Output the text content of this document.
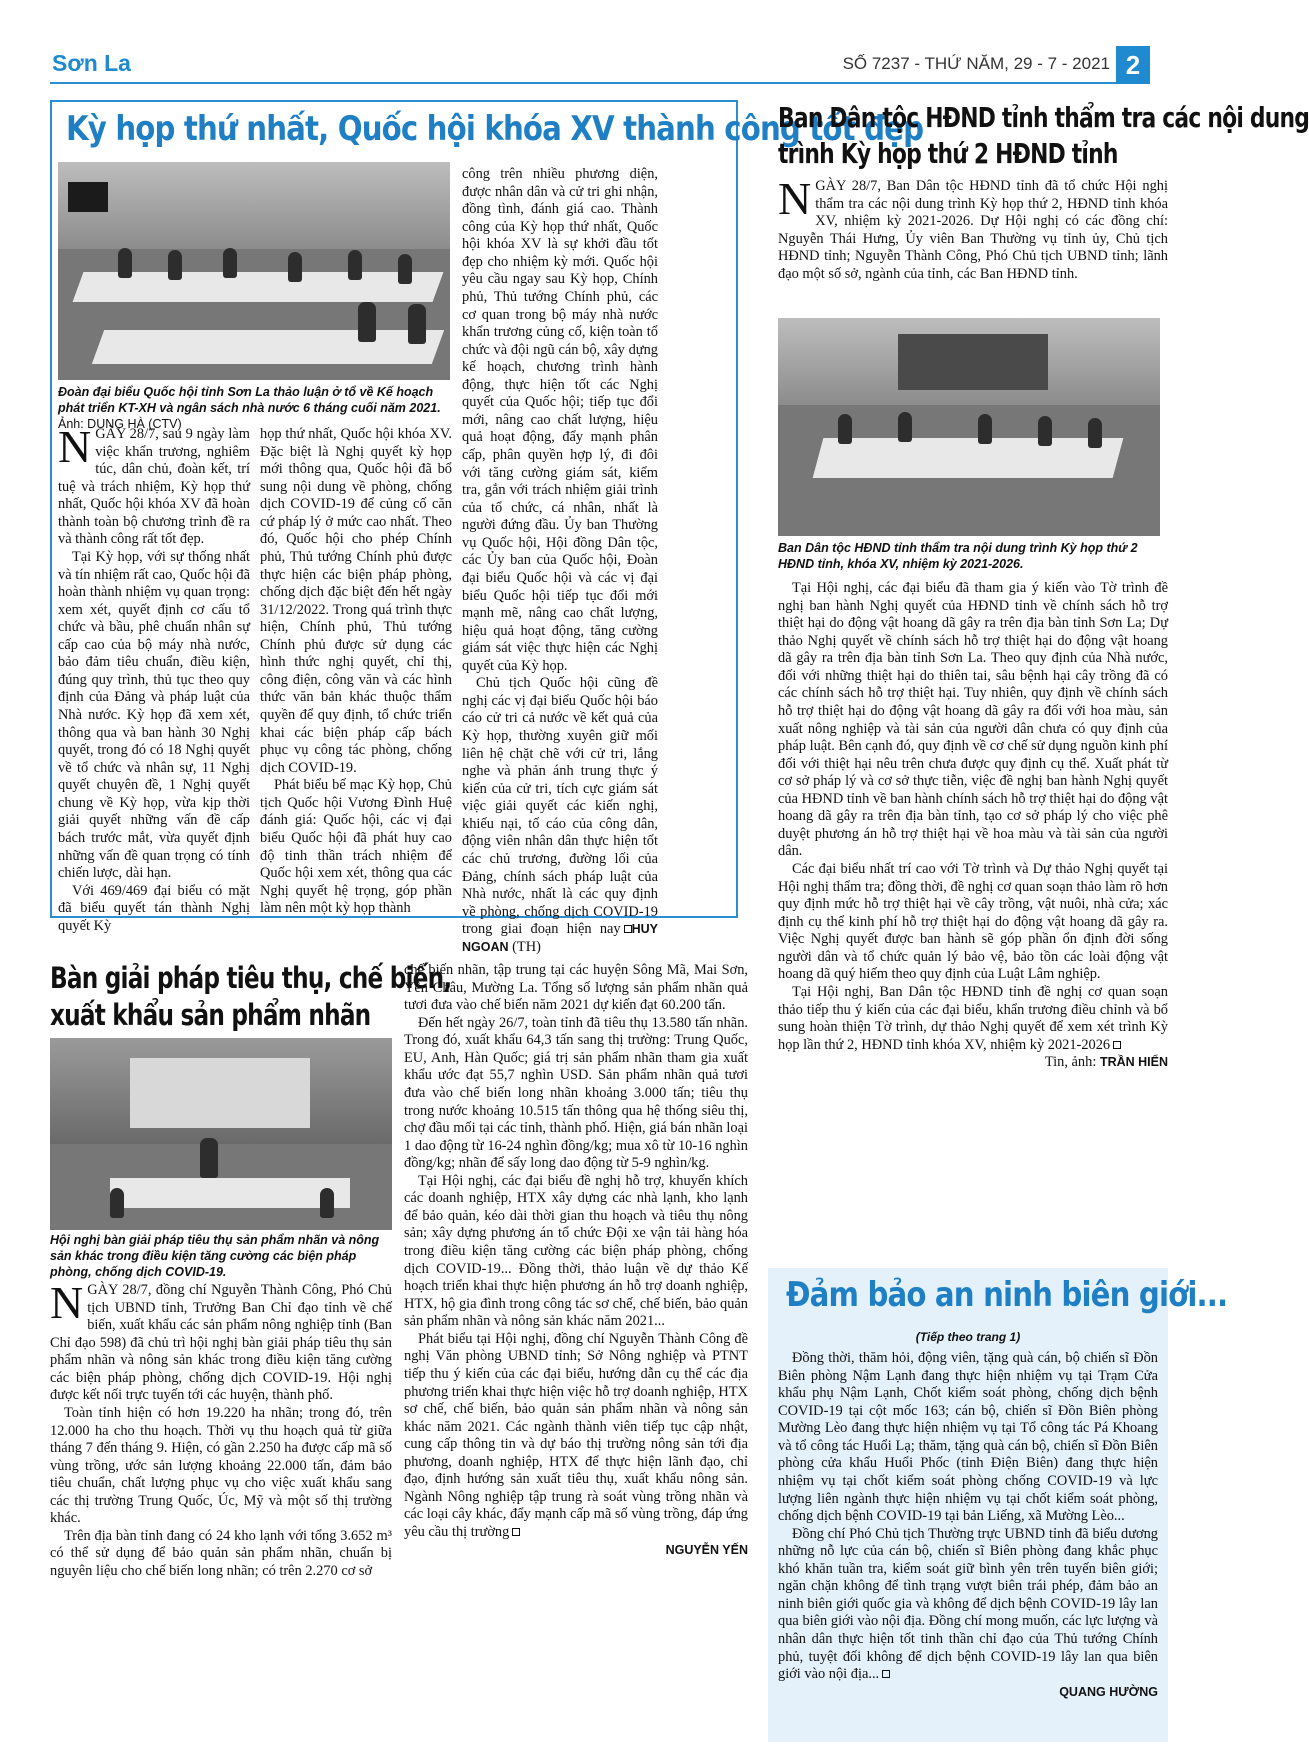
Sơn La	SỐ 7237 - THỨ NĂM, 29 - 7 - 2021 2
Kỳ họp thứ nhất, Quốc hội khóa XV thành công tốt đẹp
Đoàn đại biểu Quốc hội tỉnh Sơn La thảo luận ở tổ về Kế hoạch phát triển KT-XH và ngân sách nhà nước 6 tháng cuối năm 2021. Ảnh: DUNG HÀ (CTV)

NGÀY 28/7, sau 9 ngày làm việc khẩn trương, nghiêm túc, dân chủ, đoàn kết, trí tuệ và trách nhiệm, Kỳ họp thứ nhất, Quốc hội khóa XV đã hoàn thành toàn bộ chương trình đề ra và thành công rất tốt đẹp.

Tại Kỳ họp, với sự thống nhất và tín nhiệm rất cao, Quốc hội đã hoàn thành nhiệm vụ quan trọng: xem xét, quyết định cơ cấu tổ chức và bầu, phê chuẩn nhân sự cấp cao của bộ máy nhà nước, bảo đảm tiêu chuẩn, điều kiện, đúng quy trình, thủ tục theo quy định của Đảng và pháp luật của Nhà nước. Kỳ họp đã xem xét, thông qua và ban hành 30 Nghị quyết, trong đó có 18 Nghị quyết về tổ chức và nhân sự, 11 Nghị quyết chuyên đề, 1 Nghị quyết chung về Kỳ họp, vừa kịp thời giải quyết những vấn đề cấp bách trước mắt, vừa quyết định những vấn đề quan trọng có tính chiến lược, dài hạn.

Với 469/469 đại biểu có mặt đã biểu quyết tán thành Nghị quyết Kỳ

họp thứ nhất, Quốc hội khóa XV. Đặc biệt là Nghị quyết kỳ họp mới thông qua, Quốc hội đã bổ sung nội dung về phòng, chống dịch COVID-19 để củng cố căn cứ pháp lý ở mức cao nhất. Theo đó, Quốc hội cho phép Chính phủ, Thủ tướng Chính phủ được thực hiện các biện pháp phòng, chống dịch đặc biệt đến hết ngày 31/12/2022. Trong quá trình thực hiện, Chính phủ, Thủ tướng Chính phủ được sử dụng các hình thức nghị quyết, chỉ thị, công điện, công văn và các hình thức văn bản khác thuộc thẩm quyền để quy định, tổ chức triển khai các biện pháp cấp bách phục vụ công tác phòng, chống dịch COVID-19.

Phát biểu bế mạc Kỳ họp, Chủ tịch Quốc hội Vương Đình Huệ đánh giá: Quốc hội, các vị đại biểu Quốc hội đã phát huy cao độ tinh thần trách nhiệm để Quốc hội xem xét, thông qua các Nghị quyết hệ trọng, góp phần làm nên một kỳ họp thành

công trên nhiều phương diện, được nhân dân và cử tri ghi nhận, đồng tình, đánh giá cao. Thành công của Kỳ họp thứ nhất, Quốc hội khóa XV là sự khởi đầu tốt đẹp cho nhiệm kỳ mới. Quốc hội yêu cầu ngay sau Kỳ họp, Chính phủ, Thủ tướng Chính phủ, các cơ quan trong bộ máy nhà nước khẩn trương củng cố, kiện toàn tổ chức và đội ngũ cán bộ, xây dựng kế hoạch, chương trình hành động, thực hiện tốt các Nghị quyết của Quốc hội; tiếp tục đổi mới, nâng cao chất lượng, hiệu quả hoạt động, đẩy mạnh phân cấp, phân quyền hợp lý, đi đôi với tăng cường giám sát, kiểm tra, gắn với trách nhiệm giải trình của tổ chức, cá nhân, nhất là người đứng đầu. Ủy ban Thường vụ Quốc hội, Hội đồng Dân tộc, các Ủy ban của Quốc hội, Đoàn đại biểu Quốc hội và các vị đại biểu Quốc hội tiếp tục đổi mới mạnh mẽ, nâng cao chất lượng, hiệu quả hoạt động, tăng cường giám sát việc thực hiện các Nghị quyết của Kỳ họp.

Chủ tịch Quốc hội cũng đề nghị các vị đại biểu Quốc hội báo cáo cử tri cả nước về kết quả của Kỳ họp, thường xuyên giữ mối liên hệ chặt chẽ với cử tri, lắng nghe và phản ánh trung thực ý kiến của cử tri, tích cực giám sát việc giải quyết các kiến nghị, khiếu nại, tố cáo của công dân, động viên nhân dân thực hiện tốt các chủ trương, đường lối của Đảng, chính sách pháp luật của Nhà nước, nhất là các quy định về phòng, chống dịch COVID-19 trong giai đoạn hiện nay HUY NGOAN (TH)

Ban Dân tộc HĐND tỉnh thẩm tra các nội dung
trình Kỳ họp thứ 2 HĐND tỉnh

NGÀY 28/7, Ban Dân tộc HĐND tỉnh đã tổ chức Hội nghị thẩm tra các nội dung trình Kỳ họp thứ 2, HĐND tỉnh khóa XV, nhiệm kỳ 2021-2026. Dự Hội nghị có các đồng chí: Nguyễn Thái Hưng, Ủy viên Ban Thường vụ tỉnh ủy, Chủ tịch HĐND tỉnh; Nguyễn Thành Công, Phó Chủ tịch UBND tỉnh; lãnh đạo một số sở, ngành của tỉnh, các Ban HĐND tỉnh.

Ban Dân tộc HĐND tỉnh thẩm tra nội dung trình Kỳ họp thứ 2 HĐND tỉnh, khóa XV, nhiệm kỳ 2021-2026.

Tại Hội nghị, các đại biểu đã tham gia ý kiến vào Tờ trình đề nghị ban hành Nghị quyết của HĐND tỉnh về chính sách hỗ trợ thiệt hại do động vật hoang dã gây ra trên địa bàn tỉnh Sơn La; Dự thảo Nghị quyết về chính sách hỗ trợ thiệt hại do động vật hoang dã gây ra trên địa bàn tỉnh Sơn La. Theo quy định của Nhà nước, đối với những thiệt hại do thiên tai, sâu bệnh hại cây trồng đã có các chính sách hỗ trợ thiệt hại. Tuy nhiên, quy định về chính sách hỗ trợ thiệt hại do động vật hoang dã gây ra đối với hoa màu, sản xuất nông nghiệp và tài sản của người dân chưa có quy định của pháp luật. Bên cạnh đó, quy định về cơ chế sử dụng nguồn kinh phí đối với thiệt hại nêu trên chưa được quy định cụ thể. Xuất phát từ cơ sở pháp lý và cơ sở thực tiễn, việc đề nghị ban hành Nghị quyết của HĐND tỉnh về ban hành chính sách hỗ trợ thiệt hại do động vật hoang dã gây ra trên địa bàn tỉnh, tạo cơ sở pháp lý cho việc phê duyệt phương án hỗ trợ thiệt hại về hoa màu và tài sản của người dân.

Các đại biểu nhất trí cao với Tờ trình và Dự thảo Nghị quyết tại Hội nghị thẩm tra; đồng thời, đề nghị cơ quan soạn thảo làm rõ hơn quy định mức hỗ trợ thiệt hại về cây trồng, vật nuôi, nhà cửa; xác định cụ thể kinh phí hỗ trợ thiệt hại do động vật hoang dã gây ra. Việc Nghị quyết được ban hành sẽ góp phần ổn định đời sống người dân và tổ chức quản lý bảo vệ, bảo tồn các loài động vật hoang dã quý hiếm theo quy định của Luật Lâm nghiệp.

Tại Hội nghị, Ban Dân tộc HĐND tỉnh đề nghị cơ quan soạn thảo tiếp thu ý kiến của các đại biểu, khẩn trương điều chỉnh và bổ sung hoàn thiện Tờ trình, dự thảo Nghị quyết để xem xét trình Kỳ họp lần thứ 2, HĐND tỉnh khóa XV, nhiệm kỳ 2021-2026

Tin, ảnh: TRẦN HIỂN

Bàn giải pháp tiêu thụ, chế biến,
xuất khẩu sản phẩm nhãn
Hội nghị bàn giải pháp tiêu thụ sản phẩm nhãn và nông sản khác trong điều kiện tăng cường các biện pháp phòng, chống dịch COVID-19.

NGÀY 28/7, đồng chí Nguyễn Thành Công, Phó Chủ tịch UBND tỉnh, Trưởng Ban Chỉ đạo tỉnh về chế biến, xuất khẩu các sản phẩm nông nghiệp tỉnh (Ban Chỉ đạo 598) đã chủ trì hội nghị bàn giải pháp tiêu thụ sản phẩm nhãn và nông sản khác trong điều kiện tăng cường các biện pháp phòng, chống dịch COVID-19. Hội nghị được kết nối trực tuyến tới các huyện, thành phố.

Toàn tỉnh hiện có hơn 19.220 ha nhãn; trong đó, trên 12.000 ha cho thu hoạch. Thời vụ thu hoạch quả từ giữa tháng 7 đến tháng 9. Hiện, có gần 2.250 ha được cấp mã số vùng trồng, ước sản lượng khoảng 22.000 tấn, đảm bảo tiêu chuẩn, chất lượng phục vụ cho việc xuất khẩu sang các thị trường Trung Quốc, Úc, Mỹ và một số thị trường khác.

Trên địa bàn tỉnh đang có 24 kho lạnh với tổng 3.652 m³ có thể sử dụng để bảo quản sản phẩm nhãn, chuẩn bị nguyên liệu cho chế biến long nhãn; có trên 2.270 cơ sở

chế biến nhãn, tập trung tại các huyện Sông Mã, Mai Sơn, Yên Châu, Mường La. Tổng số lượng sản phẩm nhãn quả tươi đưa vào chế biến năm 2021 dự kiến đạt 60.200 tấn.

Đến hết ngày 26/7, toàn tỉnh đã tiêu thụ 13.580 tấn nhãn. Trong đó, xuất khẩu 64,3 tấn sang thị trường: Trung Quốc, EU, Anh, Hàn Quốc; giá trị sản phẩm nhãn tham gia xuất khẩu ước đạt 55,7 nghìn USD. Sản phẩm nhãn quả tươi đưa vào chế biến long nhãn khoảng 3.000 tấn; tiêu thụ trong nước khoảng 10.515 tấn thông qua hệ thống siêu thị, chợ đầu mối tại các tỉnh, thành phố. Hiện, giá bán nhãn loại 1 dao động từ 16-24 nghìn đồng/kg; mua xô từ 10-16 nghìn đồng/kg; nhãn để sấy long dao động từ 5-9 nghìn/kg.

Tại Hội nghị, các đại biểu đề nghị hỗ trợ, khuyến khích các doanh nghiệp, HTX xây dựng các nhà lạnh, kho lạnh để bảo quản, kéo dài thời gian thu hoạch và tiêu thụ nông sản; xây dựng phương án tổ chức Đội xe vận tải hàng hóa trong điều kiện tăng cường các biện pháp phòng, chống dịch COVID-19... Đồng thời, thảo luận về dự thảo Kế hoạch triển khai thực hiện phương án hỗ trợ doanh nghiệp, HTX, hộ gia đình trong công tác sơ chế, chế biến, bảo quản sản phẩm nhãn và nông sản khác năm 2021...

Phát biểu tại Hội nghị, đồng chí Nguyễn Thành Công đề nghị Văn phòng UBND tỉnh; Sở Nông nghiệp và PTNT tiếp thu ý kiến của các đại biểu, hướng dẫn cụ thể các địa phương triển khai thực hiện việc hỗ trợ doanh nghiệp, HTX sơ chế, chế biến, bảo quản sản phẩm nhãn và nông sản khác năm 2021. Các ngành thành viên tiếp tục cập nhật, cung cấp thông tin và dự báo thị trường nông sản tới địa phương, doanh nghiệp, HTX để thực hiện lãnh đạo, chỉ đạo, định hướng sản xuất tiêu thụ, xuất khẩu nông sản. Ngành Nông nghiệp tập trung rà soát vùng trồng nhãn và các loại cây khác, đẩy mạnh cấp mã số vùng trồng, đáp ứng yêu cầu thị trường

NGUYỄN YẾN

Đảm bảo an ninh biên giới...
(Tiếp theo trang 1)

Đồng thời, thăm hỏi, động viên, tặng quà cán, bộ chiến sĩ Đồn Biên phòng Nậm Lạnh đang thực hiện nhiệm vụ tại Trạm Cửa khẩu phụ Nậm Lạnh, Chốt kiểm soát phòng, chống dịch bệnh COVID-19 tại cột mốc 163; cán bộ, chiến sĩ Đồn Biên phòng Mường Lèo đang thực hiện nhiệm vụ tại Tổ công tác Pá Khoang và tổ công tác Huổi Lạ; thăm, tặng quà cán bộ, chiến sĩ Đồn Biên phòng cửa khẩu Huổi Phốc (tỉnh Điện Biên) đang thực hiện nhiệm vụ tại chốt kiểm soát phòng chống COVID-19 và lực lượng liên ngành thực hiện nhiệm vụ tại chốt kiểm soát phòng, chống dịch bệnh COVID-19 tại bản Liếng, xã Mường Lèo...

Đồng chí Phó Chủ tịch Thường trực UBND tỉnh đã biểu dương những nỗ lực của cán bộ, chiến sĩ Biên phòng đang khắc phục khó khăn tuần tra, kiểm soát giữ bình yên trên tuyến biên giới; ngăn chặn không để tình trạng vượt biên trái phép, đảm bảo an ninh biên giới quốc gia và không để dịch bệnh COVID-19 lây lan qua biên giới vào nội địa. Đồng chí mong muốn, các lực lượng và nhân dân thực hiện tốt tinh thần chỉ đạo của Thủ tướng Chính phủ, tuyệt đối không để dịch bệnh COVID-19 lây lan qua biên giới vào nội địa...

QUANG HƯỜNG
